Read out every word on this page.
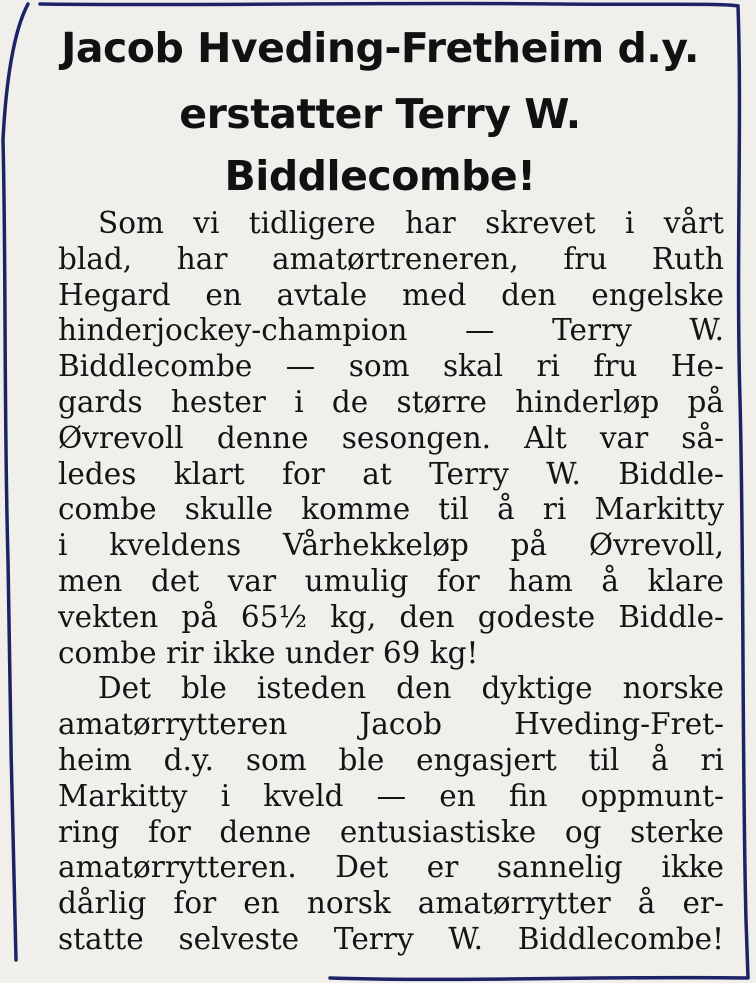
Jacob Hveding-Fretheim d.y.
erstatter Terry W.
Biddlecombe!
Som vi tidligere har skrevet i vårt
blad, har amatørtreneren, fru Ruth
Hegard en avtale med den engelske
hinderjockey-champion — Terry W.
Biddlecombe — som skal ri fru He-
gards hester i de større hinderløp på
Øvrevoll denne sesongen. Alt var så-
ledes klart for at Terry W. Biddle-
combe skulle komme til å ri Markitty
i kveldens Vårhekkeløp på Øvrevoll,
men det var umulig for ham å klare
vekten på 65½ kg, den godeste Biddle-
combe rir ikke under 69 kg!
Det ble isteden den dyktige norske
amatørrytteren Jacob Hveding-Fret-
heim d.y. som ble engasjert til å ri
Markitty i kveld — en fin oppmunt-
ring for denne entusiastiske og sterke
amatørrytteren. Det er sannelig ikke
dårlig for en norsk amatørrytter å er-
statte selveste Terry W. Biddlecombe!
